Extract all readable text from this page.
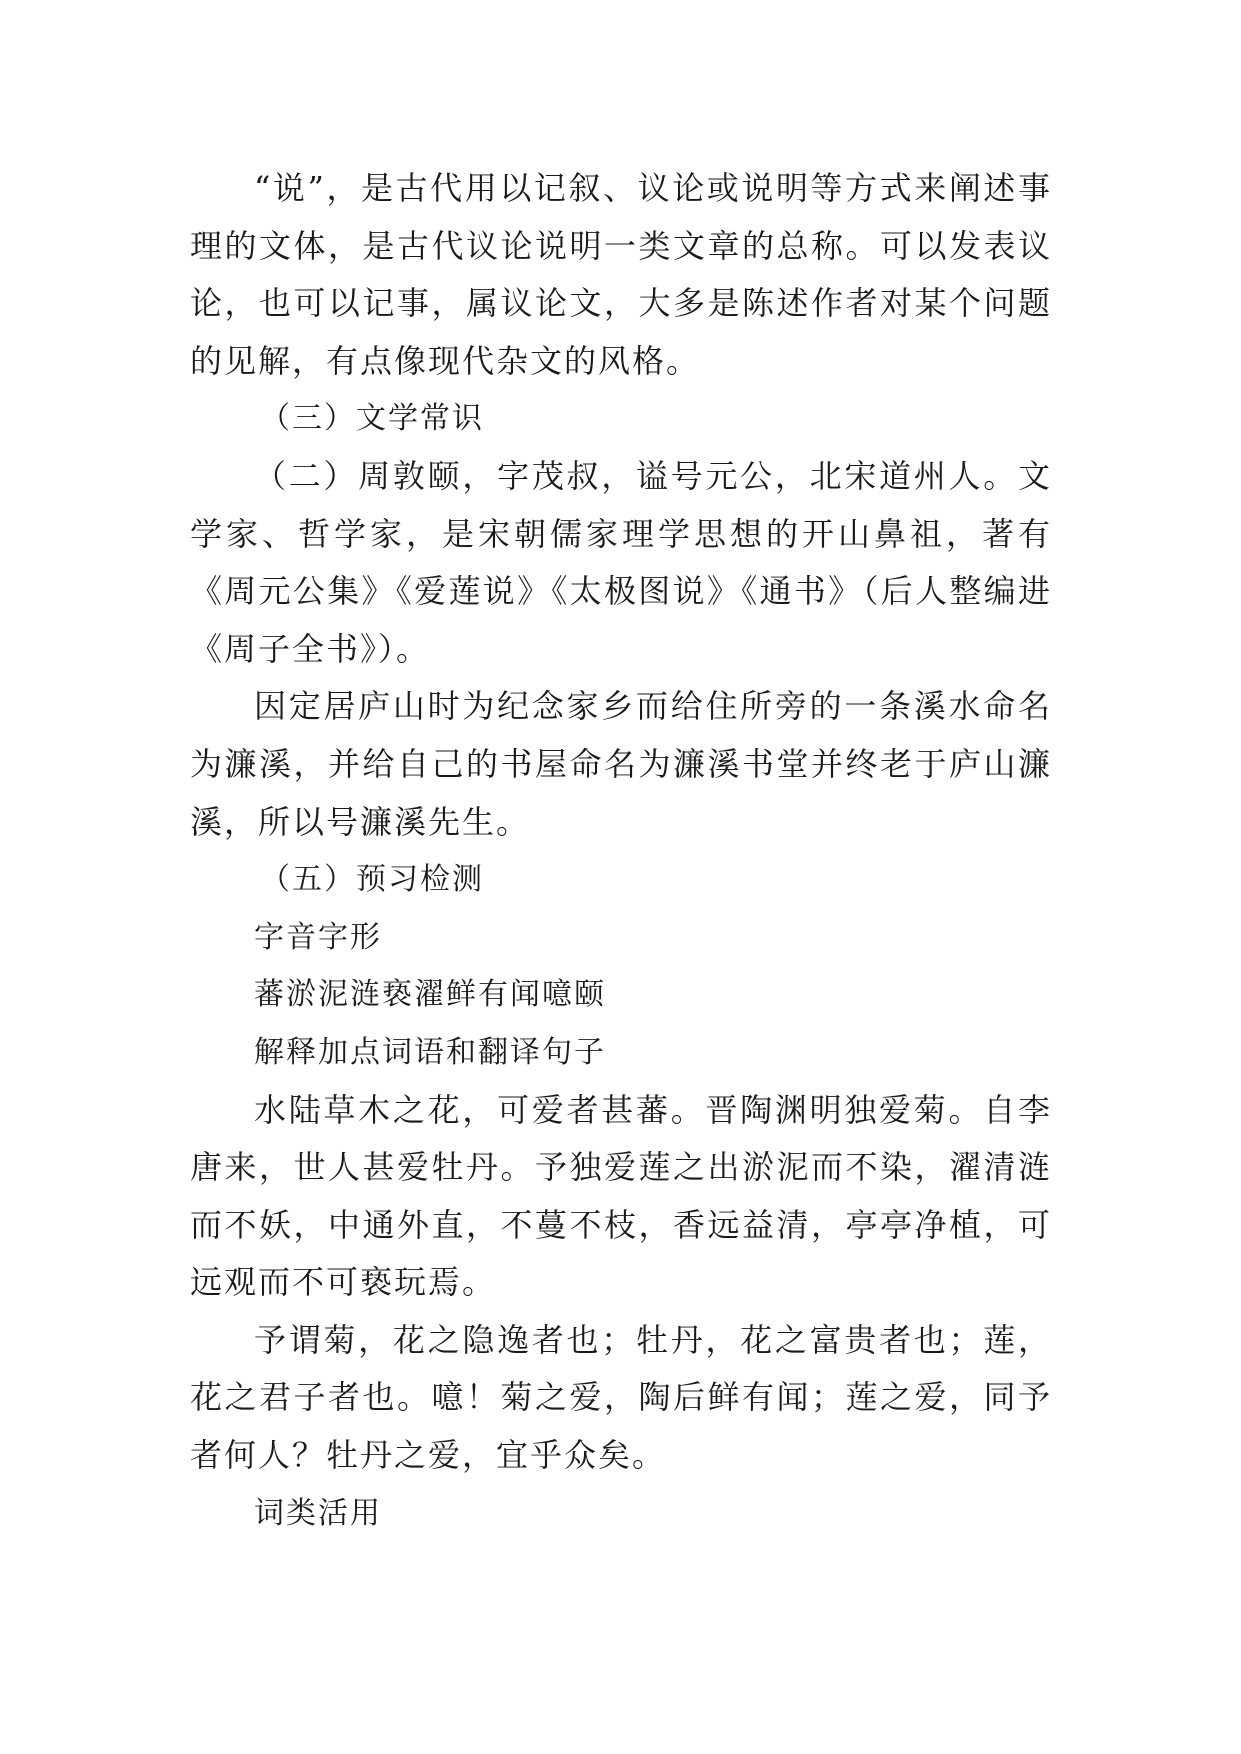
“说”，是古代用以记叙、议论或说明等方式来阐述事理的文体，是古代议论说明一类文章的总称。可以发表议论，也可以记事，属议论文，大多是陈述作者对某个问题的见解，有点像现代杂文的风格。

（三）文学常识

（二）周敦颐，字茂叔，谥号元公，北宋道州人。文学家、哲学家，是宋朝儒家理学思想的开山鼻祖，著有《周元公集》《爱莲说》《太极图说》《通书》（后人整编进《周子全书》）。

因定居庐山时为纪念家乡而给住所旁的一条溪水命名为濂溪，并给自己的书屋命名为濂溪书堂并终老于庐山濂溪，所以号濂溪先生。

（五）预习检测

字音字形

蕃淤泥涟亵濯鲜有闻噫颐

解释加点词语和翻译句子

水陆草木之花，可爱者甚蕃。晋陶渊明独爱菊。自李唐来，世人甚爱牡丹。予独爱莲之出淤泥而不染，濯清涟而不妖，中通外直，不蔓不枝，香远益清，亭亭净植，可远观而不可亵玩焉。

予谓菊，花之隐逸者也；牡丹，花之富贵者也；莲，花之君子者也。噫！菊之爱，陶后鲜有闻；莲之爱，同予者何人？牡丹之爱，宜乎众矣。

词类活用
